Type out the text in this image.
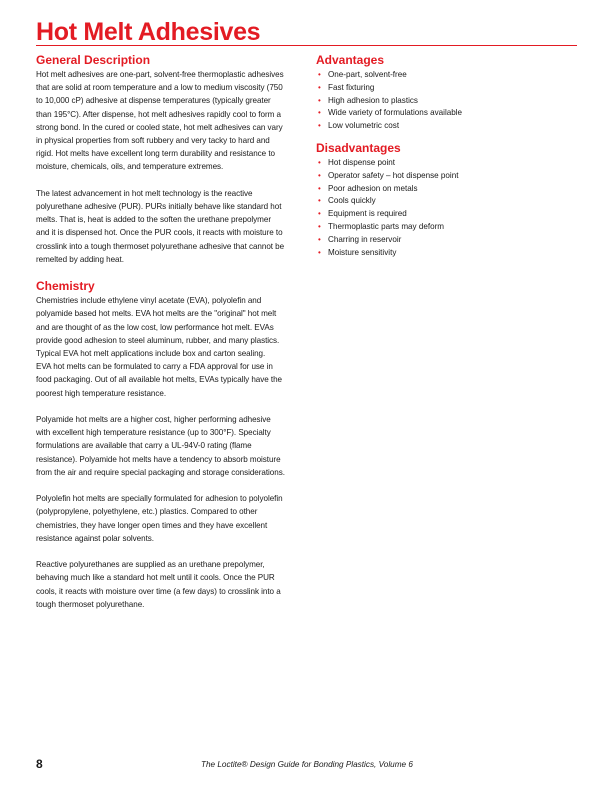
Hot Melt Adhesives
General Description

Hot melt adhesives are one-part, solvent-free thermoplastic adhesives
that are solid at room temperature and a low to medium viscosity (750
to 10,000 cP) adhesive at dispense temperatures (typically greater
than 195°C). After dispense, hot melt adhesives rapidly cool to form a
strong bond. In the cured or cooled state, hot melt adhesives can vary
in physical properties from soft rubbery and very tacky to hard and
rigid. Hot melts have excellent long term durability and resistance to
moisture, chemicals, oils, and temperature extremes.

The latest advancement in hot melt technology is the reactive
polyurethane adhesive (PUR). PURs initially behave like standard hot
melts. That is, heat is added to the soften the urethane prepolymer
and it is dispensed hot. Once the PUR cools, it reacts with moisture to
crosslink into a tough thermoset polyurethane adhesive that cannot be
remelted by adding heat.

Chemistry

Chemistries include ethylene vinyl acetate (EVA), polyolefin and
polyamide based hot melts. EVA hot melts are the "original" hot melt
and are thought of as the low cost, low performance hot melt. EVAs
provide good adhesion to steel aluminum, rubber, and many plastics.
Typical EVA hot melt applications include box and carton sealing.
EVA hot melts can be formulated to carry a FDA approval for use in
food packaging. Out of all available hot melts, EVAs typically have the
poorest high temperature resistance.

Polyamide hot melts are a higher cost, higher performing adhesive
with excellent high temperature resistance (up to 300°F). Specialty
formulations are available that carry a UL-94V-0 rating (flame
resistance). Polyamide hot melts have a tendency to absorb moisture
from the air and require special packaging and storage considerations.

Polyolefin hot melts are specially formulated for adhesion to polyolefin
(polypropylene, polyethylene, etc.) plastics. Compared to other
chemistries, they have longer open times and they have excellent
resistance against polar solvents.

Reactive polyurethanes are supplied as an urethane prepolymer,
behaving much like a standard hot melt until it cools. Once the PUR
cools, it reacts with moisture over time (a few days) to crosslink into a
tough thermoset polyurethane.

Advantages
• One-part, solvent-free
• Fast fixturing
• High adhesion to plastics
• Wide variety of formulations available
• Low volumetric cost
Disadvantages
• Hot dispense point
• Operator safety – hot dispense point
• Poor adhesion on metals
• Cools quickly
• Equipment is required
• Thermoplastic parts may deform
• Charring in reservoir
• Moisture sensitivity
8	The Loctite® Design Guide for Bonding Plastics, Volume 6
